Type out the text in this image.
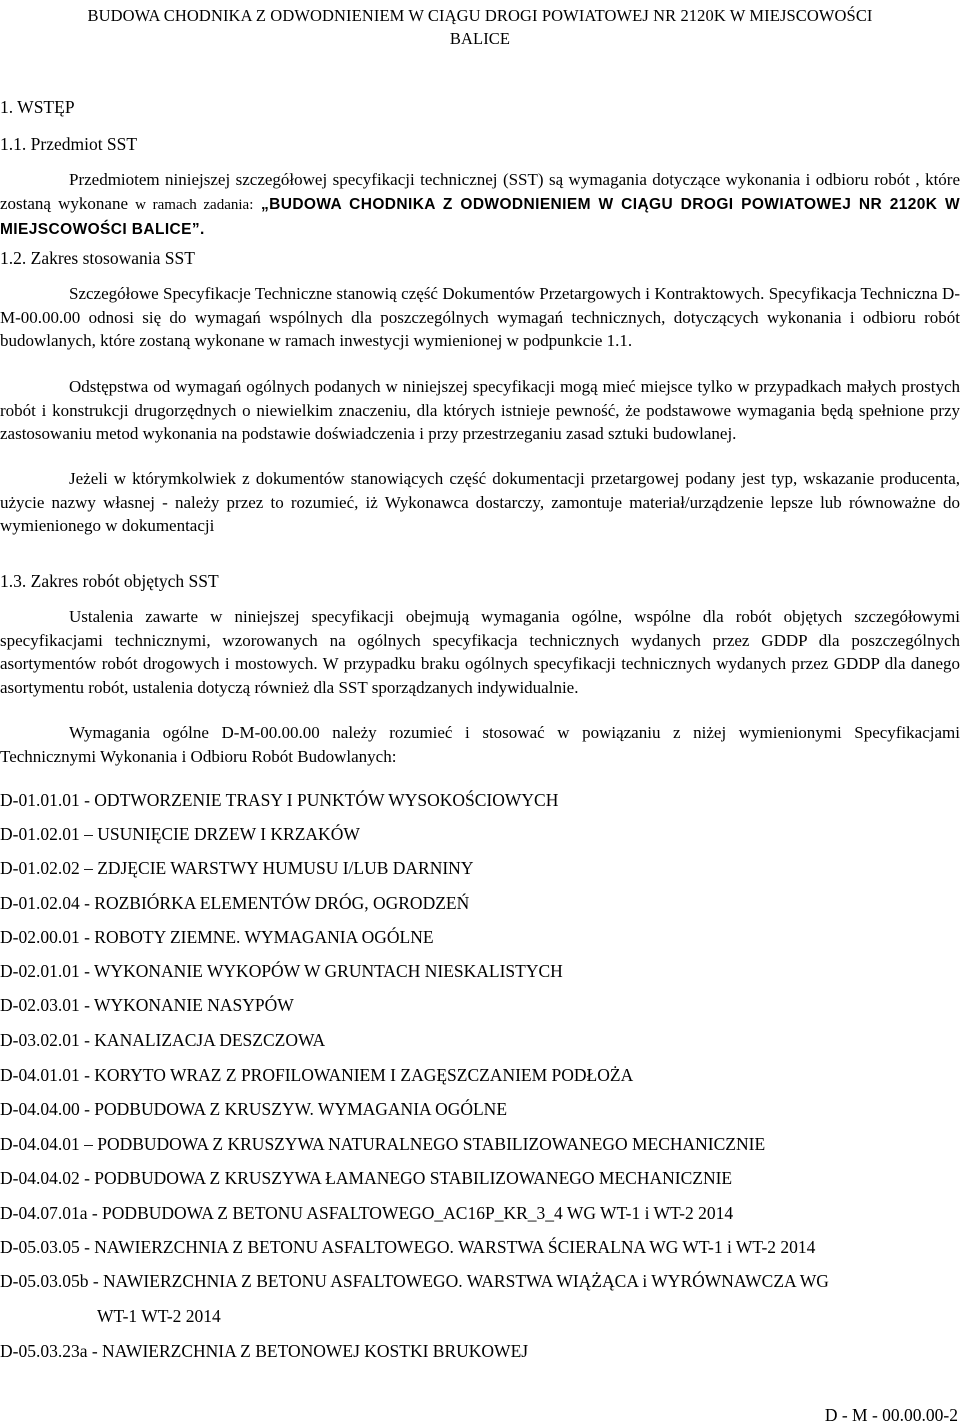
BUDOWA CHODNIKA Z ODWODNIENIEM W CIĄGU DROGI POWIATOWEJ NR 2120K W MIEJSCOWOŚCI
BALICE
1. WSTĘP
1.1. Przedmiot SST
Przedmiotem niniejszej szczegółowej specyfikacji technicznej (SST) są wymagania dotyczące wykonania i odbioru robót , które zostaną wykonane w ramach zadania: „BUDOWA CHODNIKA Z ODWODNIENIEM W CIĄGU DROGI POWIATOWEJ NR 2120K W MIEJSCOWOŚCI BALICE”.
1.2. Zakres stosowania SST
Szczegółowe Specyfikacje Techniczne stanowią część Dokumentów Przetargowych i Kontraktowych. Specyfikacja Techniczna D-M-00.00.00 odnosi się do wymagań wspólnych dla poszczególnych wymagań technicznych, dotyczących wykonania i odbioru robót budowlanych, które zostaną wykonane w ramach inwestycji wymienionej w podpunkcie 1.1.
Odstępstwa od wymagań ogólnych podanych w niniejszej specyfikacji mogą mieć miejsce tylko w przypadkach małych prostych robót i konstrukcji drugorzędnych o niewielkim znaczeniu, dla których istnieje pewność, że podstawowe wymagania będą spełnione przy zastosowaniu metod wykonania na podstawie doświadczenia i przy przestrzeganiu zasad sztuki budowlanej.
Jeżeli w którymkolwiek z dokumentów stanowiących część dokumentacji przetargowej podany jest typ, wskazanie producenta, użycie nazwy własnej - należy przez to rozumieć, iż Wykonawca dostarczy, zamontuje materiał/urządzenie lepsze lub równoważne do wymienionego w dokumentacji
1.3. Zakres robót objętych SST
Ustalenia zawarte w niniejszej specyfikacji obejmują wymagania ogólne, wspólne dla robót objętych szczegółowymi specyfikacjami technicznymi, wzorowanych na ogólnych specyfikacja technicznych wydanych przez GDDP dla poszczególnych asortymentów robót drogowych i mostowych. W przypadku braku ogólnych specyfikacji technicznych wydanych przez GDDP dla danego asortymentu robót, ustalenia dotyczą również dla SST sporządzanych indywidualnie.
Wymagania ogólne D-M-00.00.00 należy rozumieć i stosować w powiązaniu z niżej wymienionymi Specyfikacjami Technicznymi Wykonania i Odbioru Robót Budowlanych:
D-01.01.01 - ODTWORZENIE TRASY I PUNKTÓW WYSOKOŚCIOWYCH
D-01.02.01 – USUNIĘCIE DRZEW I KRZAKÓW
D-01.02.02 – ZDJĘCIE WARSTWY HUMUSU I/LUB DARNINY
D-01.02.04 - ROZBIÓRKA ELEMENTÓW DRÓG, OGRODZEŃ
D-02.00.01 - ROBOTY ZIEMNE. WYMAGANIA OGÓLNE
D-02.01.01 - WYKONANIE WYKOPÓW W GRUNTACH NIESKALISTYCH
D-02.03.01 - WYKONANIE NASYPÓW
D-03.02.01 - KANALIZACJA DESZCZOWA
D-04.01.01 - KORYTO WRAZ Z PROFILOWANIEM I ZAGĘSZCZANIEM PODŁOŻA
D-04.04.00 - PODBUDOWA Z KRUSZYW. WYMAGANIA OGÓLNE
D-04.04.01 – PODBUDOWA Z KRUSZYWA NATURALNEGO STABILIZOWANEGO MECHANICZNIE
D-04.04.02 - PODBUDOWA Z KRUSZYWA ŁAMANEGO STABILIZOWANEGO MECHANICZNIE
D-04.07.01a - PODBUDOWA Z BETONU ASFALTOWEGO_AC16P_KR_3_4 WG WT-1 i WT-2 2014
D-05.03.05 - NAWIERZCHNIA Z BETONU ASFALTOWEGO. WARSTWA ŚCIERALNA WG WT-1 i WT-2 2014
D-05.03.05b - NAWIERZCHNIA Z BETONU ASFALTOWEGO. WARSTWA WIĄŻĄCA i WYRÓWNAWCZA WG
WT-1 WT-2 2014
D-05.03.23a - NAWIERZCHNIA Z BETONOWEJ KOSTKI BRUKOWEJ
D - M - 00.00.00-2
